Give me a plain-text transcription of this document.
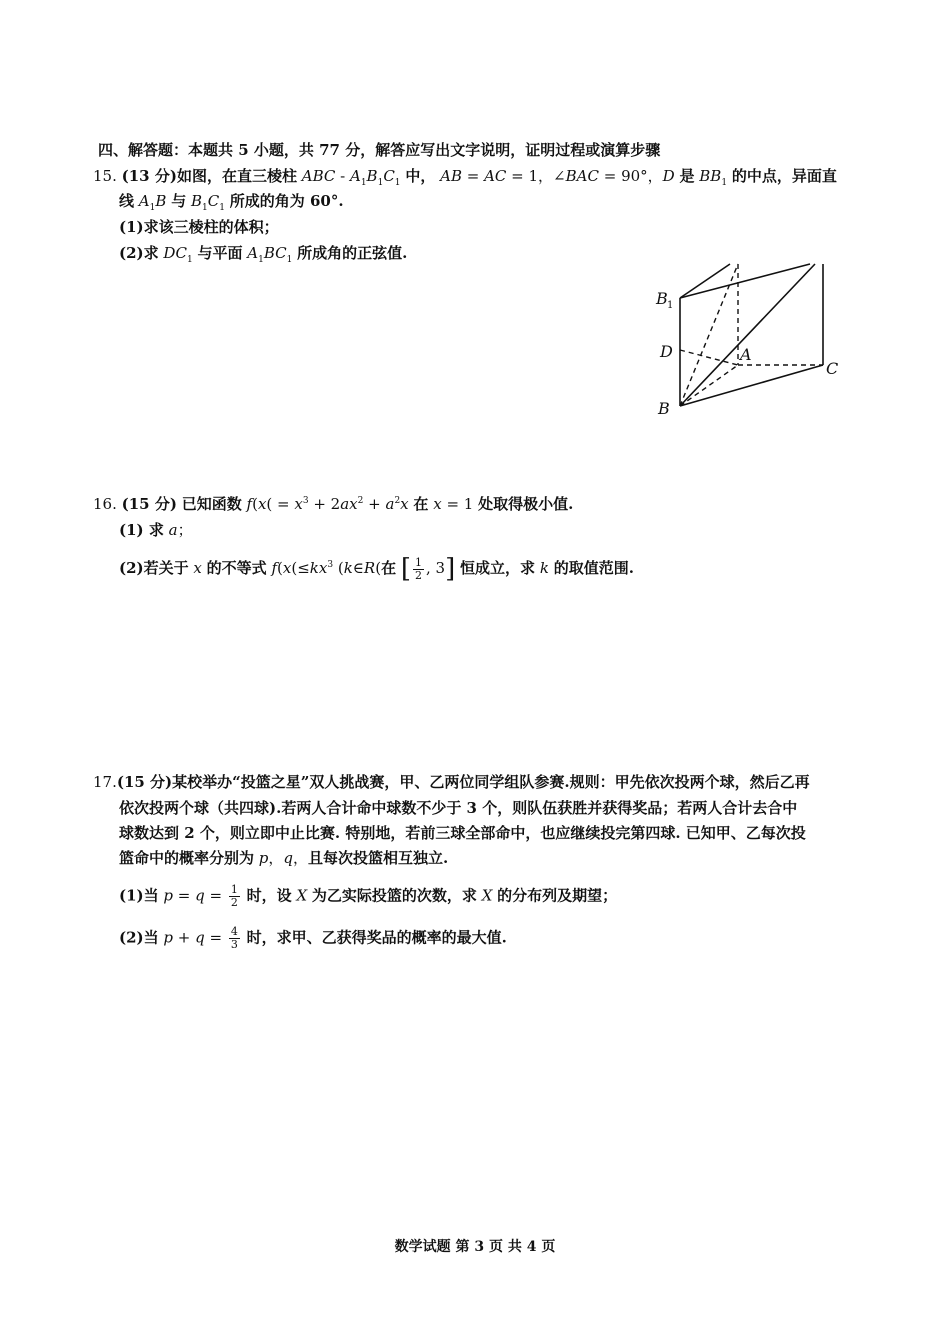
四、解答题：本题共 5 小题，共 77 分，解答应写出文字说明，证明过程或演算步骤
15. (13 分)如图，在直三棱柱 ABC - $A_1B_1C_1$ 中， AB = AC = 1，∠BAC = 90°，D 是 $BB_1$ 的中点，异面直
线 $A_1B$ 与 $B_1C_1$ 所成的角为 60°.
(1)求该三棱柱的体积；
(2)求 $DC_1$ 与平面 $A_1BC_1$ 所成角的正弦值.
B 1
D	A
C
B
16. (15 分) 已知函数 $f(x( = x^3 + 2ax^2 + a^2x$ 在 x = 1 处取得极小值.
(1) 求 a；
(2)若关于 x 的不等式 $f(x(\le kx^3$ (k∈R(在 [ $\frac{1}{2}$ , 3] 恒成立，求 k 的取值范围.
17.(15 分)某校举办“投篮之星”双人挑战赛，甲、乙两位同学组队参赛.规则：甲先依次投两个球，然后乙再
依次投两个球（共四球).若两人合计命中球数不少于 3 个，则队伍获胜并获得奖品；若两人合计去合中
球数达到 2 个，则立即中止比赛. 特别地，若前三球全部命中，也应继续投完第四球. 已知甲、乙每次投
篮命中的概率分别为 p，q，且每次投篮相互独立.
(1)当 $p = q = \frac{1}{2}$ 时，设 X 为乙实际投篮的次数，求 X 的分布列及期望；
(2)当 $p + q = \frac{4}{3}$ 时，求甲、乙获得奖品的概率的最大值.
数学试题 第 3 页 共 4 页
